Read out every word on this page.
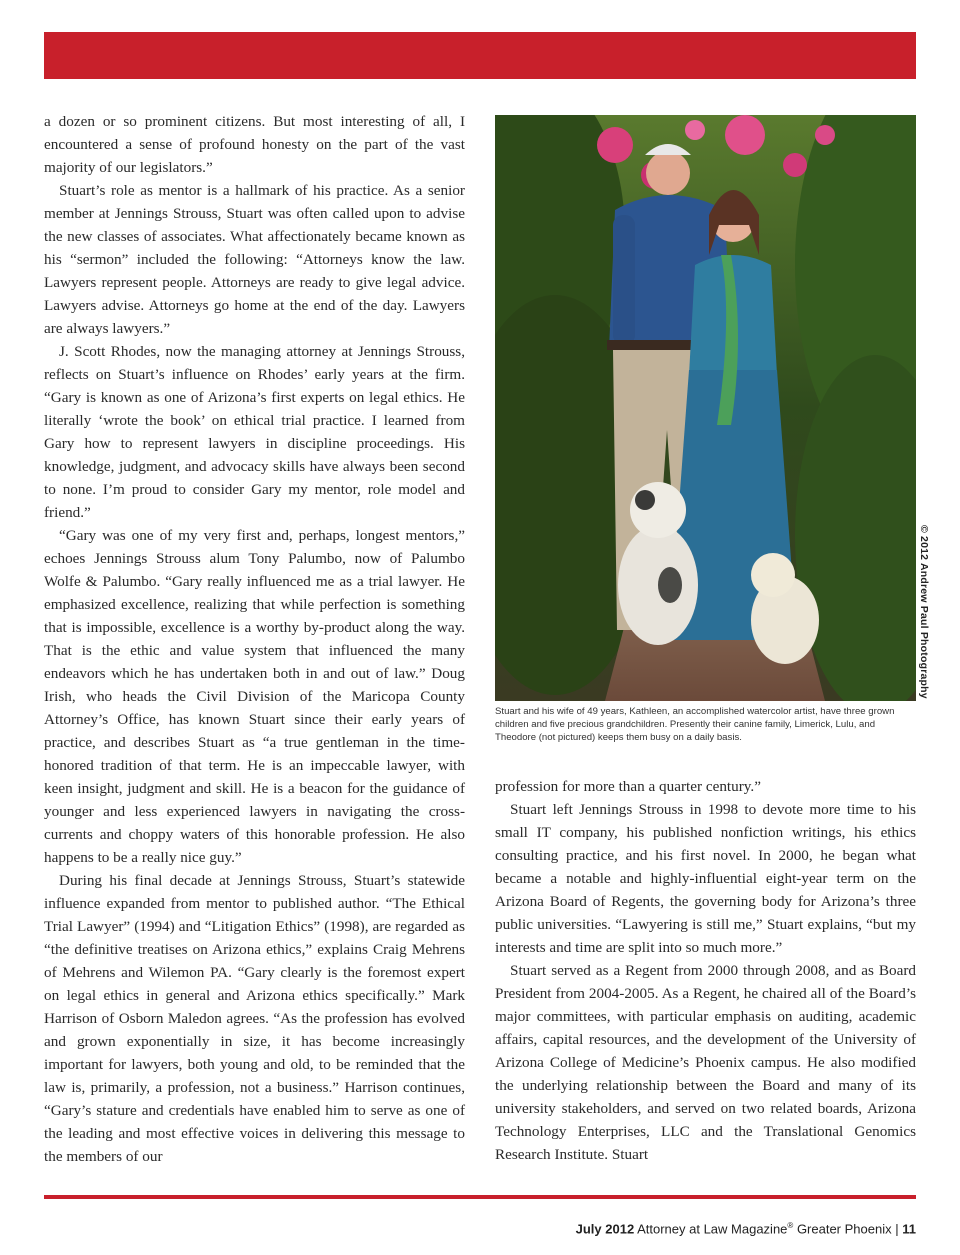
a dozen or so prominent citizens. But most interesting of all, I encountered a sense of profound honesty on the part of the vast majority of our legislators.”

Stuart’s role as mentor is a hallmark of his practice. As a senior member at Jennings Strouss, Stuart was often called upon to advise the new classes of associates. What affectionately became known as his “sermon” included the following: “Attorneys know the law. Lawyers represent people. Attorneys are ready to give legal advice. Lawyers advise. Attorneys go home at the end of the day. Lawyers are always lawyers.”

J. Scott Rhodes, now the managing attorney at Jennings Strouss, reflects on Stuart’s influence on Rhodes’ early years at the firm. “Gary is known as one of Arizona’s first experts on legal ethics. He literally ‘wrote the book’ on ethical trial practice. I learned from Gary how to represent lawyers in discipline proceedings. His knowledge, judgment, and advocacy skills have always been second to none. I’m proud to consider Gary my mentor, role model and friend.”

“Gary was one of my very first and, perhaps, longest mentors,” echoes Jennings Strouss alum Tony Palumbo, now of Palumbo Wolfe & Palumbo. “Gary really influenced me as a trial lawyer. He emphasized excellence, realizing that while perfection is something that is impossible, excellence is a worthy by-product along the way. That is the ethic and value system that influenced the many endeavors which he has undertaken both in and out of law.” Doug Irish, who heads the Civil Division of the Maricopa County Attorney’s Office, has known Stuart since their early years of practice, and describes Stuart as “a true gentleman in the time-honored tradition of that term. He is an impeccable lawyer, with keen insight, judgment and skill. He is a beacon for the guidance of younger and less experienced lawyers in navigating the cross-currents and choppy waters of this honorable profession. He also happens to be a really nice guy.”

During his final decade at Jennings Strouss, Stuart’s statewide influence expanded from mentor to published author. “The Ethical Trial Lawyer” (1994) and “Litigation Ethics” (1998), are regarded as “the definitive treatises on Arizona ethics,” explains Craig Mehrens of Mehrens and Wilemon PA. “Gary clearly is the foremost expert on legal ethics in general and Arizona ethics specifically.” Mark Harrison of Osborn Maledon agrees. “As the profession has evolved and grown exponentially in size, it has become increasingly important for lawyers, both young and old, to be reminded that the law is, primarily, a profession, not a business.” Harrison continues, “Gary’s stature and credentials have enabled him to serve as one of the leading and most effective voices in delivering this message to the members of our

© 2012 Andrew Paul Photography
Stuart and his wife of 49 years, Kathleen, an accomplished watercolor artist, have three grown children and five precious grandchildren. Presently their canine family, Limerick, Lulu, and Theodore (not pictured) keeps them busy on a daily basis.

profession for more than a quarter century.”

Stuart left Jennings Strouss in 1998 to devote more time to his small IT company, his published nonfiction writings, his ethics consulting practice, and his first novel. In 2000, he began what became a notable and highly-influential eight-year term on the Arizona Board of Regents, the governing body for Arizona’s three public universities. “Lawyering is still me,” Stuart explains, “but my interests and time are split into so much more.”

Stuart served as a Regent from 2000 through 2008, and as Board President from 2004-2005. As a Regent, he chaired all of the Board’s major committees, with particular emphasis on auditing, academic affairs, capital resources, and the development of the University of Arizona College of Medicine’s Phoenix campus. He also modified the underlying relationship between the Board and many of its university stakeholders, and served on two related boards, Arizona Technology Enterprises, LLC and the Translational Genomics Research Institute. Stuart

July 2012 Attorney at Law Magazine® Greater Phoenix | 11
